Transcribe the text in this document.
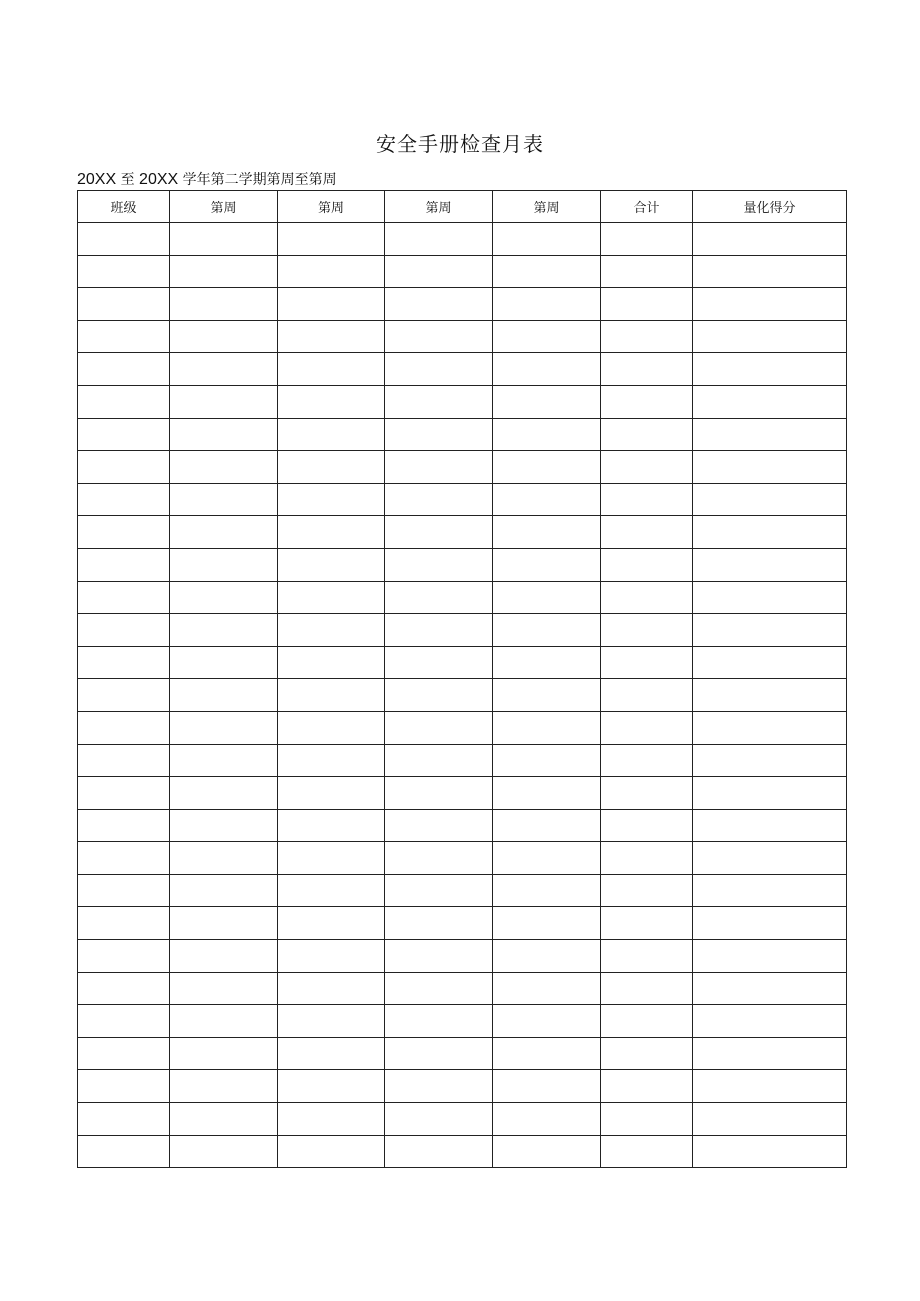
安全手册检查月表
20XX 至 20XX 学年第二学期第周至第周
班级	第周	第周	第周	第周	合计	量化得分
